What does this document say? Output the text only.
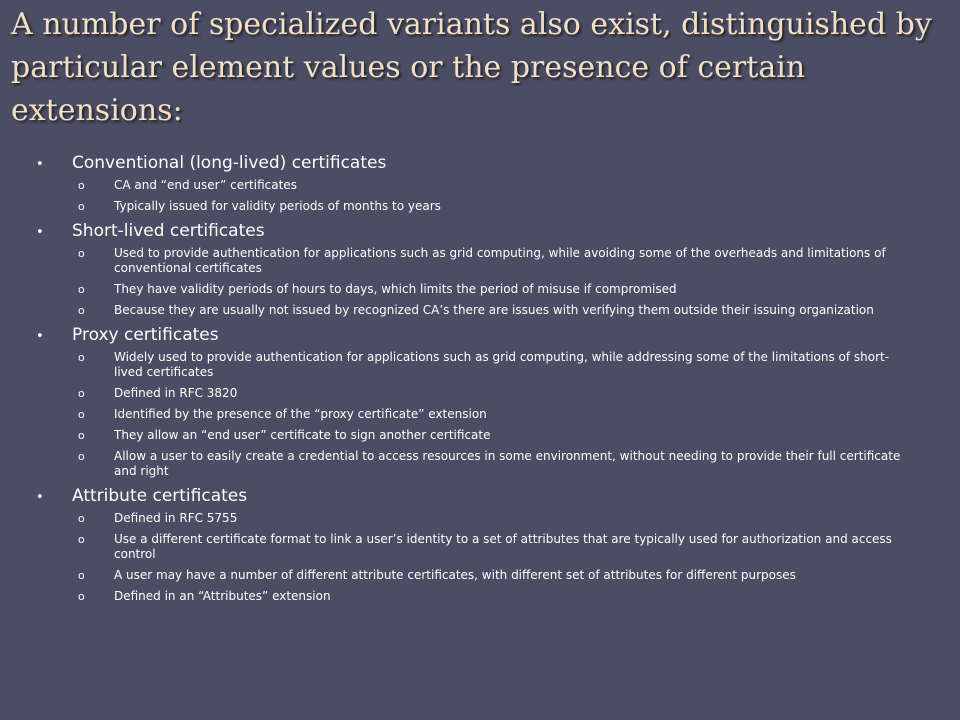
A number of specialized variants also exist, distinguished by particular element values or the presence of certain extensions:
•	Conventional (long-lived) certificates
o	CA and “end user” certificates
o	Typically issued for validity periods of months to years
•	Short-lived certificates
o	Used to provide authentication for applications such as grid computing, while avoiding some of the overheads and limitations of conventional certificates
o	They have validity periods of hours to days, which limits the period of misuse if compromised
o	Because they are usually not issued by recognized CA’s there are issues with verifying them outside their issuing organization
•	Proxy certificates
o	Widely used to provide authentication for applications such as grid computing, while addressing some of the limitations of short-lived certificates
o	Defined in RFC 3820
o	Identified by the presence of the “proxy certificate” extension
o	They allow an “end user” certificate to sign another certificate
o	Allow a user to easily create a credential to access resources in some environment, without needing to provide their full certificate and right
•	Attribute certificates
o	Defined in RFC 5755
o	Use a different certificate format to link a user’s identity to a set of attributes that are typically used for authorization and access control
o	A user may have a number of different attribute certificates, with different set of attributes for different purposes
o	Defined in an “Attributes” extension
